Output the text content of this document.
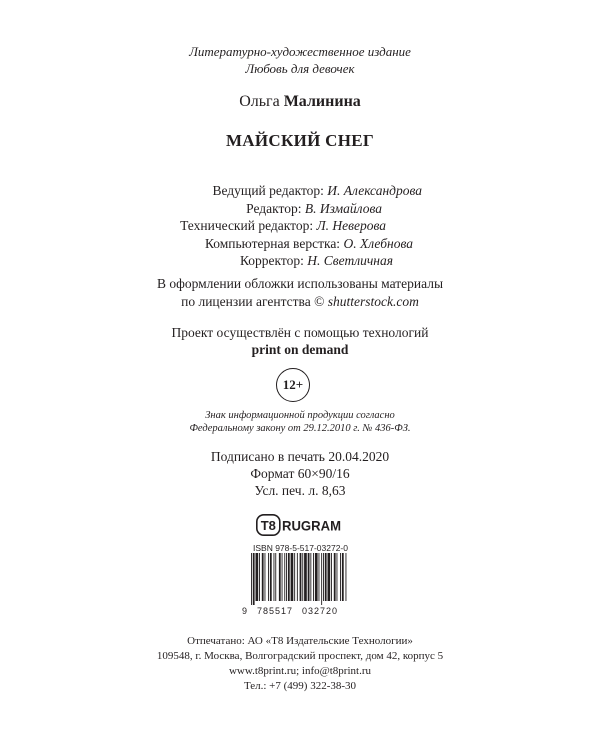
Литературно-художественное издание
Любовь для девочек
Ольга Малинина
МАЙСКИЙ СНЕГ
Ведущий редактор: И. Александрова
Редактор: В. Измайлова
Технический редактор: Л. Неверова
Компьютерная верстка: О. Хлебнова
Корректор: Н. Светличная
В оформлении обложки использованы материалы
по лицензии агентства © shutterstock.com
Проект осуществлён с помощью технологий
print on demand
12+
Знак информационной продукции согласно
Федеральному закону от 29.12.2010 г. № 436-ФЗ.
Подписано в печать 20.04.2020
Формат 60×90/16
Усл. печ. л. 8,63
T8 RUGRAM
ISBN 978-5-517-03272-0
9 785517 032720
Отпечатано: АО «Т8 Издательские Технологии»
109548, г. Москва, Волгоградский проспект, дом 42, корпус 5
www.t8print.ru; info@t8print.ru
Тел.: +7 (499) 322-38-30
